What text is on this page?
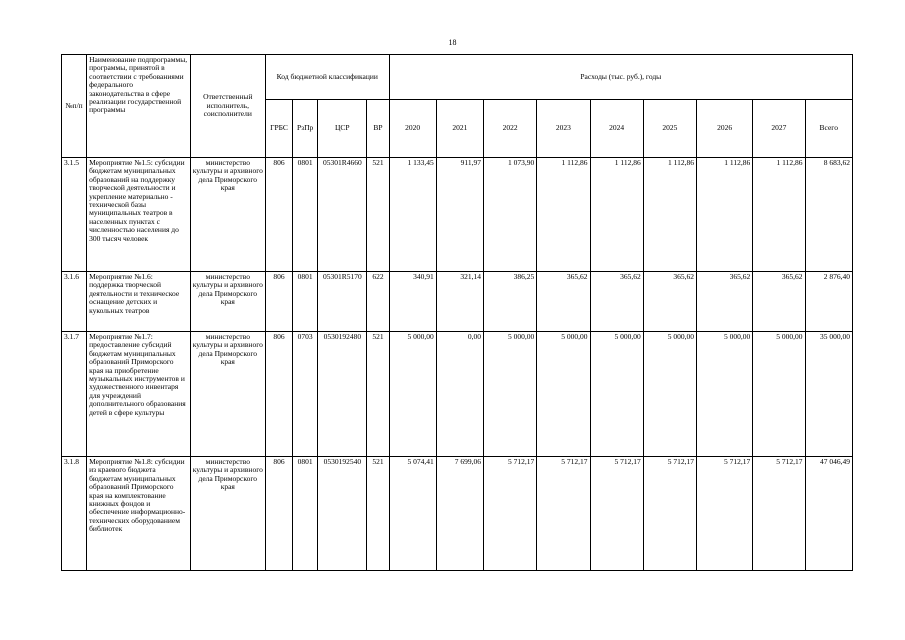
18
№п/п	Наименование подпрограммы, программы, принятой в соответствии с требованиями федерального законодательства в сфере реализации государственной программы	Ответственный исполнитель, соисполнители	Код бюджетной классификации				Расходы (тыс. руб.), годы								
			ГРБС	РзПр	ЦСР	ВР	2020	2021	2022	2023	2024	2025	2026	2027	Всего
3.1.5	Мероприятие №1.5: субсидии бюджетам муниципальных образований на поддержку творческой деятельности и укрепление материально - технической базы муниципальных театров в населенных пунктах с численностью населения до 300 тысяч человек	министерство культуры и архивного дела Приморского края	806	0801	05301R4660	521	1 133,45	911,97	1 073,90	1 112,86	1 112,86	1 112,86	1 112,86	1 112,86	8 683,62
3.1.6	Мероприятие №1.6: поддержка творческой деятельности и техническое оснащение детских и кукольных театров	министерство культуры и архивного дела Приморского края	806	0801	05301R5170	622	340,91	321,14	386,25	365,62	365,62	365,62	365,62	365,62	2 876,40
3.1.7	Мероприятие №1.7: предоставление субсидий бюджетам муниципальных образований Приморского края на приобретение музыкальных инструментов и художественного инвентаря для учреждений дополнительного образования детей в сфере культуры	министерство культуры и архивного дела Приморского края	806	0703	0530192480	521	5 000,00	0,00	5 000,00	5 000,00	5 000,00	5 000,00	5 000,00	5 000,00	35 000,00
3.1.8	Мероприятие №1.8: субсидии из краевого бюджета бюджетам муниципальных образований Приморского края на комплектование книжных фондов и обеспечение информационно-технических оборудованием библиотек	министерство культуры и архивного дела Приморского края	806	0801	0530192540	521	5 074,41	7 699,06	5 712,17	5 712,17	5 712,17	5 712,17	5 712,17	5 712,17	47 046,49
